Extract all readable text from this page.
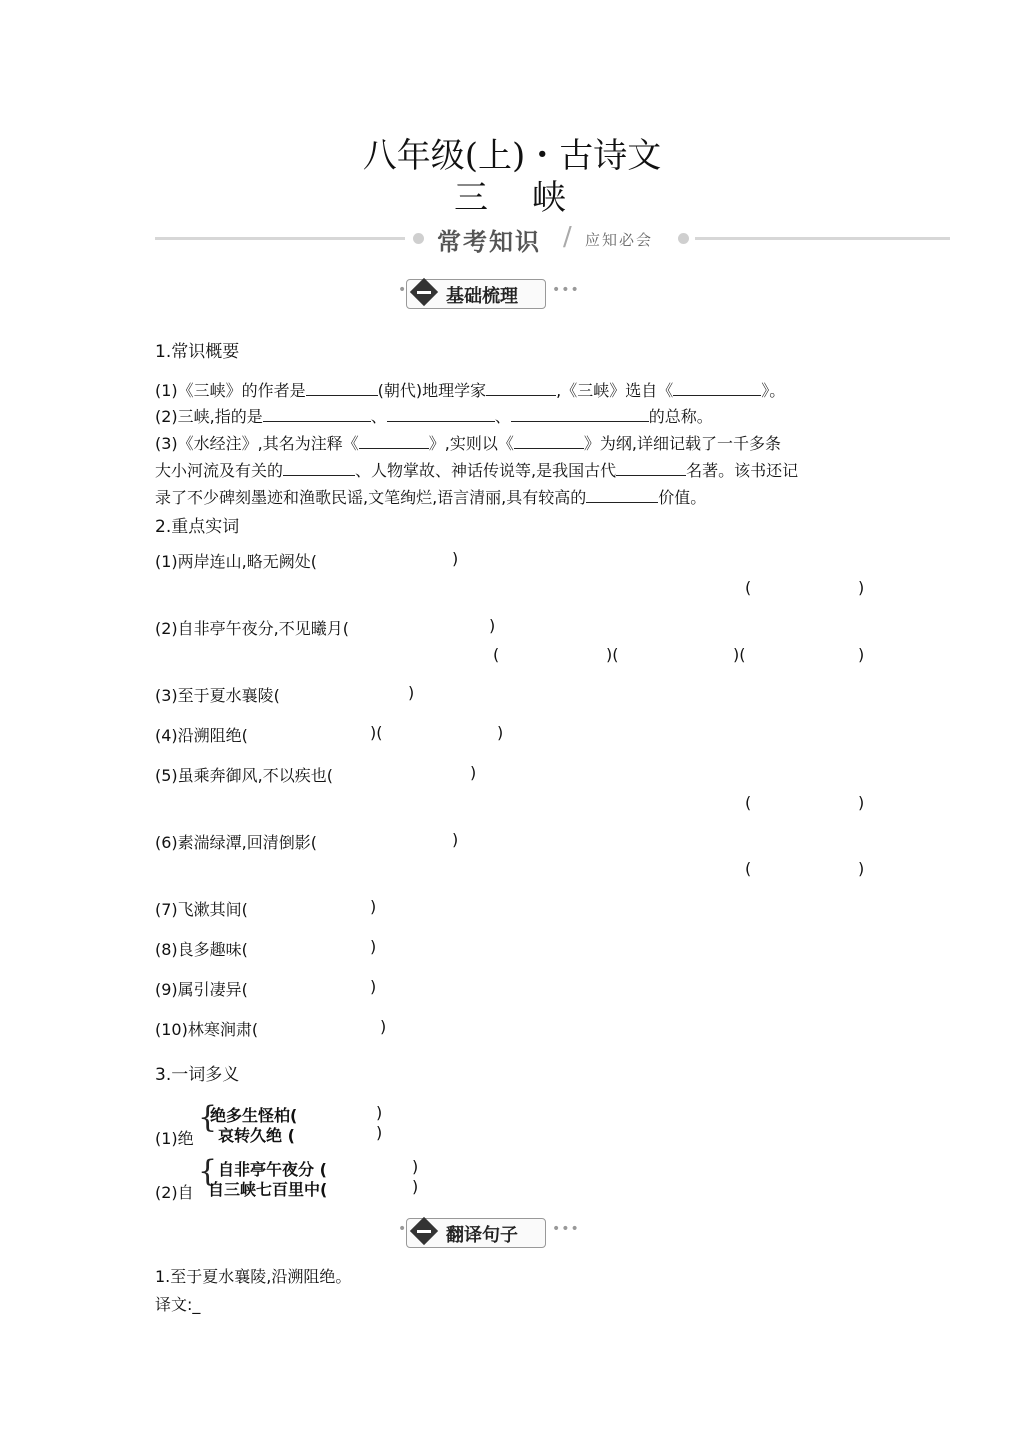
八年级(上)・古诗文
三 峡
常考知识 / 应知必会
• 基础梳理 •••
1.常识概要
(1)《三峡》的作者是	(朝代)地理学家	,《三峡》选自《	》。
(2)三峡,指的是	、	、	的总称。
(3)《水经注》,其名为注释《	》,实则以《	》为纲,详细记载了一千多条
大小河流及有关的	、人物掌故、神话传说等,是我国古代	名著。该书还记
录了不少碑刻墨迹和渔歌民谣,文笔绚烂,语言清丽,具有较高的	价值。
2.重点实词
(1)两岸连山,略无阙处(	)
(	)
(2)自非亭午夜分,不见曦月(	)
(	)(	)(	)
(3)至于夏水襄陵(	)
(4)沿溯阻绝(	)(	)
(5)虽乘奔御风,不以疾也(	)
(	)
(6)素湍绿潭,回清倒影(	)
(	)
(7)飞漱其间(	)
(8)良多趣味(	)
(9)属引凄异(	)
(10)林寒涧肃(	)
3.一词多义
(1)绝
{
绝多生怪柏(	)
哀转久绝 (	)
(2)自
{ 自非亭午夜分 (	)
自三峡七百里中(	)
• 翻译句子 •••
1.至于夏水襄陵,沿溯阻绝。
译文:_
